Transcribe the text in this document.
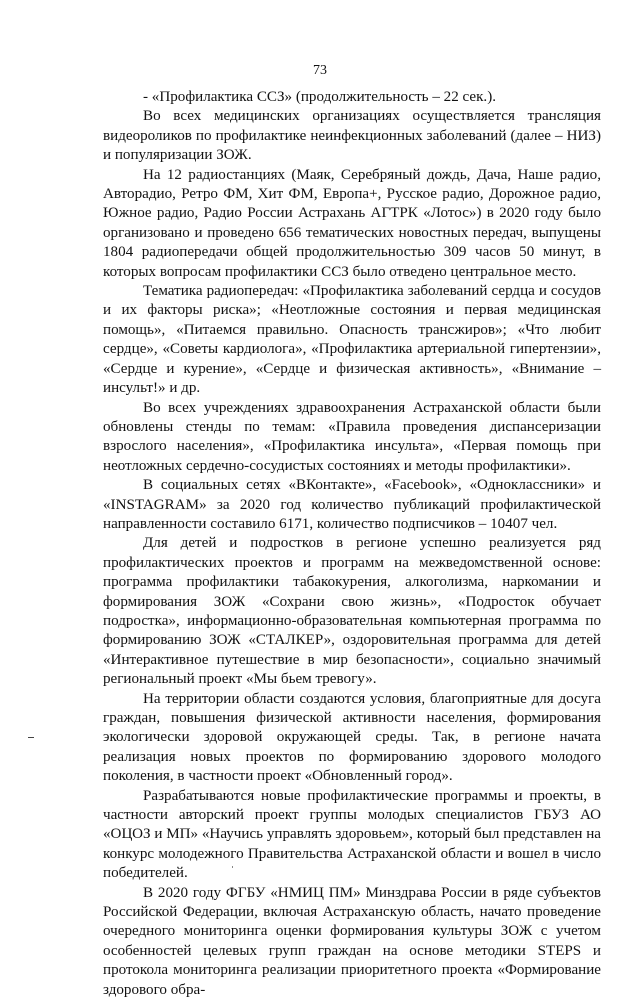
73

- «Профилактика ССЗ» (продолжительность – 22 сек.).

Во всех медицинских организациях осуществляется трансляция видеороликов по профилактике неинфекционных заболеваний (далее – НИЗ) и популяризации ЗОЖ.

На 12 радиостанциях (Маяк, Серебряный дождь, Дача, Наше радио, Авторадио, Ретро ФМ, Хит ФМ, Европа+, Русское радио, Дорожное радио, Южное радио, Радио России Астрахань АГТРК «Лотос») в 2020 году было организовано и проведено 656 тематических новостных передач, выпущены 1804 радиопередачи общей продолжительностью 309 часов 50 минут, в которых вопросам профилактики ССЗ было отведено центральное место.

Тематика радиопередач: «Профилактика заболеваний сердца и сосудов и их факторы риска»; «Неотложные состояния и первая медицинская помощь», «Питаемся правильно. Опасность трансжиров»; «Что любит сердце», «Советы кардиолога», «Профилактика артериальной гипертензии», «Сердце и курение», «Сердце и физическая активность», «Внимание – инсульт!» и др.

Во всех учреждениях здравоохранения Астраханской области были обновлены стенды по темам: «Правила проведения диспансеризации взрослого населения», «Профилактика инсульта», «Первая помощь при неотложных сердечно-сосудистых состояниях и методы профилактики».

В социальных сетях «ВКонтакте», «Facebook», «Одноклассники» и «INSTAGRAM» за 2020 год количество публикаций профилактической направленности составило 6171, количество подписчиков – 10407 чел.

Для детей и подростков в регионе успешно реализуется ряд профилактических проектов и программ на межведомственной основе: программа профилактики табакокурения, алкоголизма, наркомании и формирования ЗОЖ «Сохрани свою жизнь», «Подросток обучает подростка», информационно-образовательная компьютерная программа по формированию ЗОЖ «СТАЛКЕР», оздоровительная программа для детей «Интерактивное путешествие в мир безопасности», социально значимый региональный проект «Мы бьем тревогу».

На территории области создаются условия, благоприятные для досуга граждан, повышения физической активности населения, формирования экологически здоровой окружающей среды. Так, в регионе начата реализация новых проектов по формированию здорового молодого поколения, в частности проект «Обновленный город».

Разрабатываются новые профилактические программы и проекты, в частности авторский проект группы молодых специалистов ГБУЗ АО «ОЦОЗ и МП» «Научись управлять здоровьем», который был представлен на конкурс молодежного Правительства Астраханской области и вошел в число победителей.

В 2020 году ФГБУ «НМИЦ ПМ» Минздрава России в ряде субъектов Российской Федерации, включая Астраханскую область, начато проведение очередного мониторинга оценки формирования культуры ЗОЖ с учетом особенностей целевых групп граждан на основе методики STEPS и протокола мониторинга реализации приоритетного проекта «Формирование здорового обра-
